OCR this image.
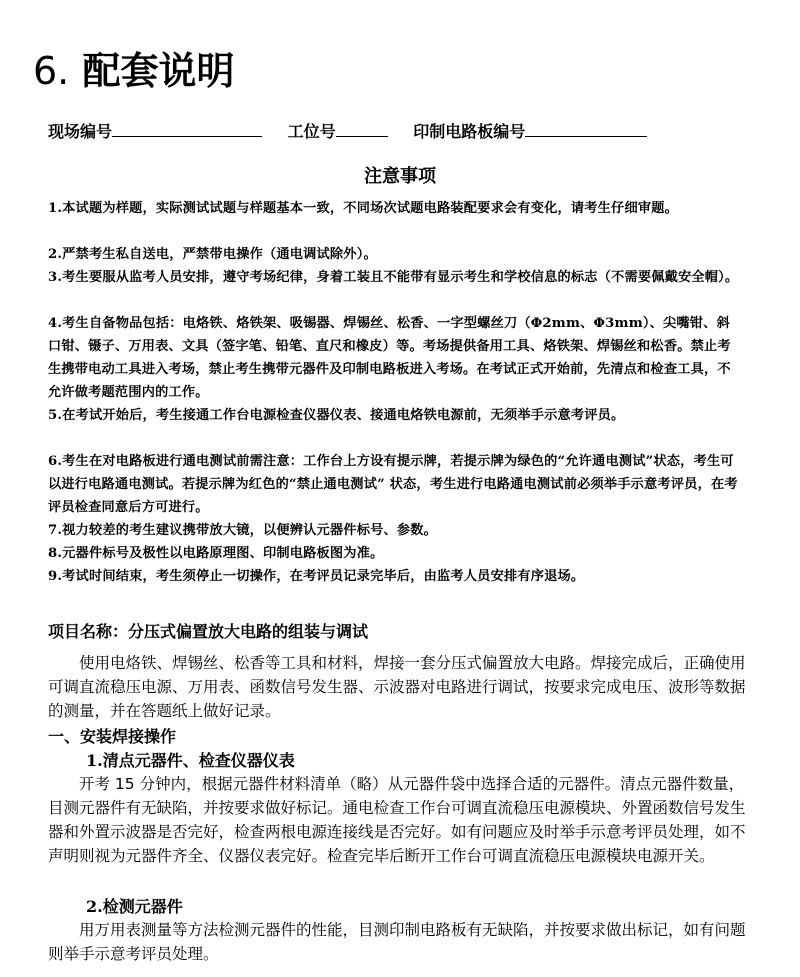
6. 配套说明
现场编号	工位号	印制电路板编号
注意事项
1.本试题为样题，实际测试试题与样题基本一致，不同场次试题电路装配要求会有变化，请考生仔细审题。
2.严禁考生私自送电，严禁带电操作（通电调试除外）。
3.考生要服从监考人员安排，遵守考场纪律，身着工装且不能带有显示考生和学校信息的标志（不需要佩戴安全帽）。
4.考生自备物品包括：电烙铁、烙铁架、吸锡器、焊锡丝、松香、一字型螺丝刀（Φ2mm、Φ3mm）、尖嘴钳、斜口钳、镊子、万用表、文具（签字笔、铅笔、直尺和橡皮）等。考场提供备用工具、烙铁架、焊锡丝和松香。禁止考生携带电动工具进入考场，禁止考生携带元器件及印制电路板进入考场。在考试正式开始前，先清点和检查工具，不允许做考题范围内的工作。
5.在考试开始后，考生接通工作台电源检查仪器仪表、接通电烙铁电源前，无须举手示意考评员。
6.考生在对电路板进行通电测试前需注意：工作台上方设有提示牌，若提示牌为绿色的“允许通电测试”状态，考生可以进行电路通电测试。若提示牌为红色的“禁止通电测试” 状态，考生进行电路通电测试前必须举手示意考评员，在考评员检查同意后方可进行。
7.视力较差的考生建议携带放大镜，以便辨认元器件标号、参数。
8.元器件标号及极性以电路原理图、印制电路板图为准。
9.考试时间结束，考生须停止一切操作，在考评员记录完毕后，由监考人员安排有序退场。
项目名称：分压式偏置放大电路的组装与调试
使用电烙铁、焊锡丝、松香等工具和材料，焊接一套分压式偏置放大电路。焊接完成后，正确使用可调直流稳压电源、万用表、函数信号发生器、示波器对电路进行调试，按要求完成电压、波形等数据的测量，并在答题纸上做好记录。
一、安装焊接操作
1.清点元器件、检查仪器仪表
开考 15 分钟内，根据元器件材料清单（略）从元器件袋中选择合适的元器件。清点元器件数量，目测元器件有无缺陷，并按要求做好标记。通电检查工作台可调直流稳压电源模块、外置函数信号发生器和外置示波器是否完好，检查两根电源连接线是否完好。如有问题应及时举手示意考评员处理，如不声明则视为元器件齐全、仪器仪表完好。检查完毕后断开工作台可调直流稳压电源模块电源开关。
2.检测元器件
用万用表测量等方法检测元器件的性能，目测印制电路板有无缺陷，并按要求做出标记，如有问题则举手示意考评员处理。
